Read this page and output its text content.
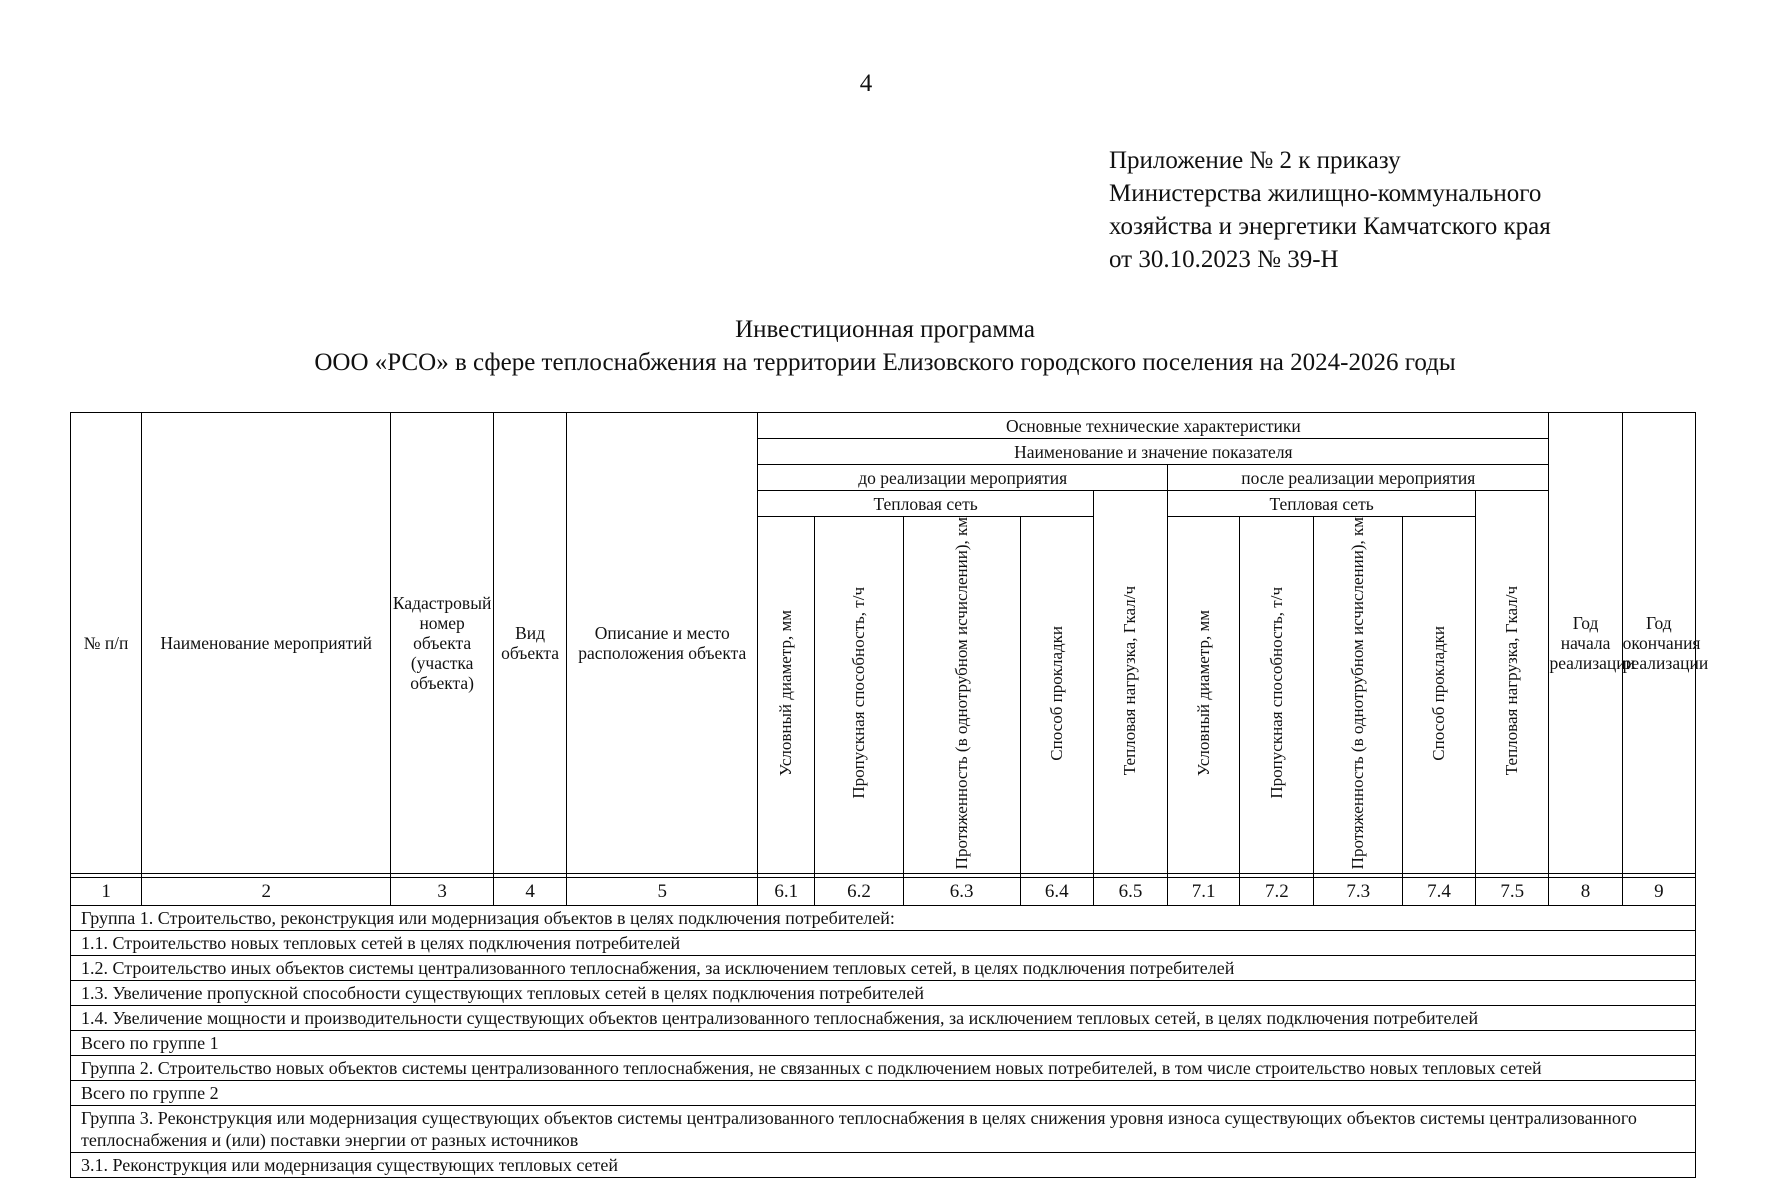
4
Приложение № 2 к приказу
Министерства жилищно-коммунального
хозяйства и энергетики Камчатского края
от 30.10.2023 № 39-Н
Инвестиционная программа
ООО «РСО» в сфере теплоснабжения на территории Елизовского городского поселения на 2024-2026 годы
№ п/п	Наименование мероприятий	Кадастровый номер объекта (участка объекта)	Вид объекта	Описание и место расположения объекта	Основные технические характеристики										Год начала реализации	Год окончания реализации
					Наименование и значение показателя											
					до реализации мероприятия					после реализации мероприятия						
					Тепловая сеть				Тепловая нагрузка, Гкал/ч	Тепловая сеть				Тепловая нагрузка, Гкал/ч		
					Условный диаметр, мм	Пропускная способность, т/ч	Протяженность (в однотрубном исчислении), км	Способ прокладки		Условный диаметр, мм	Пропускная способность, т/ч	Протяженность (в однотрубном исчислении), км	Способ прокладки			

1	2	3	4	5	6.1	6.2	6.3	6.4	6.5	7.1	7.2	7.3	7.4	7.5	8	9
Группа 1. Строительство, реконструкция или модернизация объектов в целях подключения потребителей:																
1.1. Строительство новых тепловых сетей в целях подключения потребителей																
1.2. Строительство иных объектов системы централизованного теплоснабжения, за исключением тепловых сетей, в целях подключения потребителей																
1.3. Увеличение пропускной способности существующих тепловых сетей в целях подключения потребителей																
1.4. Увеличение мощности и производительности существующих объектов централизованного теплоснабжения, за исключением тепловых сетей, в целях подключения потребителей																
Всего по группе 1																
Группа 2. Строительство новых объектов системы централизованного теплоснабжения, не связанных с подключением новых потребителей, в том числе строительство новых тепловых сетей																
Всего по группе 2																
Группа 3. Реконструкция или модернизация существующих объектов системы централизованного теплоснабжения в целях снижения уровня износа существующих объектов системы централизованного теплоснабжения и (или) поставки энергии от разных источников																
3.1. Реконструкция или модернизация существующих тепловых сетей																
